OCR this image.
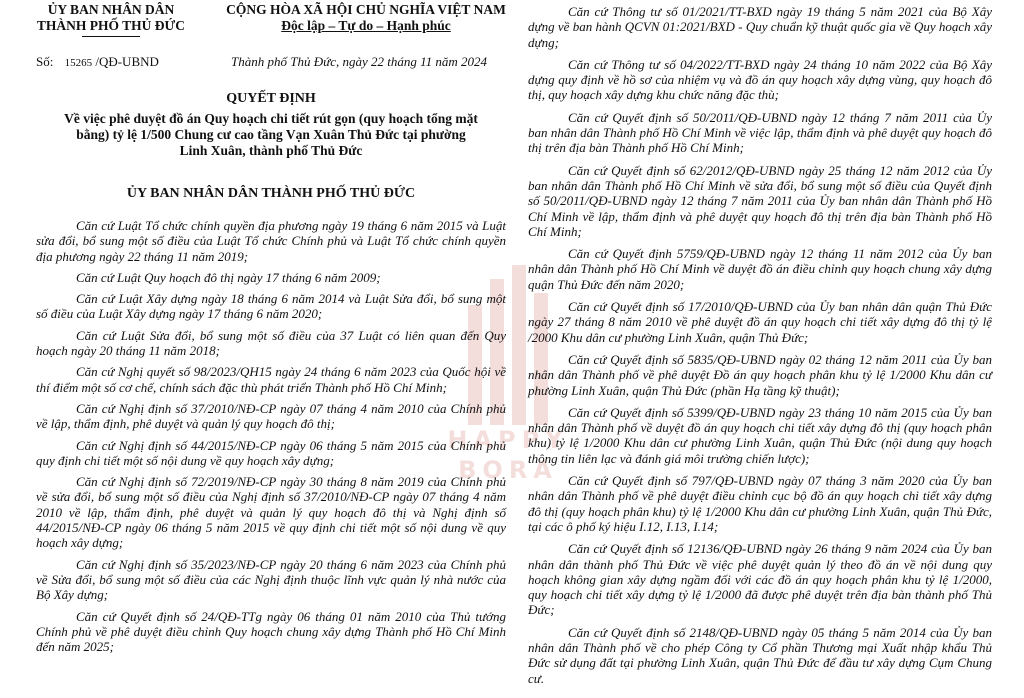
HAPPY BORA
ỦY BAN NHÂN DÂN
THÀNH PHỐ THỦ ĐỨC
CỘNG HÒA XÃ HỘI CHỦ NGHĨA VIỆT NAM
Độc lập – Tự do – Hạnh phúc
Số: 15265 /QĐ-UBND	Thành phố Thủ Đức, ngày 22 tháng 11 năm 2024
QUYẾT ĐỊNH
Về việc phê duyệt đồ án Quy hoạch chi tiết rút gọn (quy hoạch tổng mặt
bằng) tỷ lệ 1/500 Chung cư cao tầng Vạn Xuân Thủ Đức tại phường
Linh Xuân, thành phố Thủ Đức
ỦY BAN NHÂN DÂN THÀNH PHỐ THỦ ĐỨC

Căn cứ Luật Tổ chức chính quyền địa phương ngày 19 tháng 6 năm 2015 và Luật sửa đổi, bổ sung một số điều của Luật Tổ chức Chính phủ và Luật Tổ chức chính quyền địa phương ngày 22 tháng 11 năm 2019;

Căn cứ Luật Quy hoạch đô thị ngày 17 tháng 6 năm 2009;

Căn cứ Luật Xây dựng ngày 18 tháng 6 năm 2014 và Luật Sửa đổi, bổ sung một số điều của Luật Xây dựng ngày 17 tháng 6 năm 2020;

Căn cứ Luật Sửa đổi, bổ sung một số điều của 37 Luật có liên quan đến Quy hoạch ngày 20 tháng 11 năm 2018;

Căn cứ Nghị quyết số 98/2023/QH15 ngày 24 tháng 6 năm 2023 của Quốc hội về thí điểm một số cơ chế, chính sách đặc thù phát triển Thành phố Hồ Chí Minh;

Căn cứ Nghị định số 37/2010/NĐ-CP ngày 07 tháng 4 năm 2010 của Chính phủ về lập, thẩm định, phê duyệt và quản lý quy hoạch đô thị;

Căn cứ Nghị định số 44/2015/NĐ-CP ngày 06 tháng 5 năm 2015 của Chính phủ quy định chi tiết một số nội dung về quy hoạch xây dựng;

Căn cứ Nghị định số 72/2019/NĐ-CP ngày 30 tháng 8 năm 2019 của Chính phủ về sửa đổi, bổ sung một số điều của Nghị định số 37/2010/NĐ-CP ngày 07 tháng 4 năm 2010 về lập, thẩm định, phê duyệt và quản lý quy hoạch đô thị và Nghị định số 44/2015/NĐ-CP ngày 06 tháng 5 năm 2015 về quy định chi tiết một số nội dung về quy hoạch xây dựng;

Căn cứ Nghị định số 35/2023/NĐ-CP ngày 20 tháng 6 năm 2023 của Chính phủ về Sửa đổi, bổ sung một số điều của các Nghị định thuộc lĩnh vực quản lý nhà nước của Bộ Xây dựng;

Căn cứ Quyết định số 24/QĐ-TTg ngày 06 tháng 01 năm 2010 của Thủ tướng Chính phủ về phê duyệt điều chỉnh Quy hoạch chung xây dựng Thành phố Hồ Chí Minh đến năm 2025;

Căn cứ Thông tư số 01/2021/TT-BXD ngày 19 tháng 5 năm 2021 của Bộ Xây dựng về ban hành QCVN 01:2021/BXD - Quy chuẩn kỹ thuật quốc gia về Quy hoạch xây dựng;

Căn cứ Thông tư số 04/2022/TT-BXD ngày 24 tháng 10 năm 2022 của Bộ Xây dựng quy định về hồ sơ của nhiệm vụ và đồ án quy hoạch xây dựng vùng, quy hoạch đô thị, quy hoạch xây dựng khu chức năng đặc thù;

Căn cứ Quyết định số 50/2011/QĐ-UBND ngày 12 tháng 7 năm 2011 của Ủy ban nhân dân Thành phố Hồ Chí Minh về việc lập, thẩm định và phê duyệt quy hoạch đô thị trên địa bàn Thành phố Hồ Chí Minh;

Căn cứ Quyết định số 62/2012/QĐ-UBND ngày 25 tháng 12 năm 2012 của Ủy ban nhân dân Thành phố Hồ Chí Minh về sửa đổi, bổ sung một số điều của Quyết định số 50/2011/QĐ-UBND ngày 12 tháng 7 năm 2011 của Ủy ban nhân dân Thành phố Hồ Chí Minh về lập, thẩm định và phê duyệt quy hoạch đô thị trên địa bàn Thành phố Hồ Chí Minh;

Căn cứ Quyết định 5759/QĐ-UBND ngày 12 tháng 11 năm 2012 của Ủy ban nhân dân Thành phố Hồ Chí Minh về duyệt đồ án điều chỉnh quy hoạch chung xây dựng quận Thủ Đức đến năm 2020;

Căn cứ Quyết định số 17/2010/QĐ-UBND của Ủy ban nhân dân quận Thủ Đức ngày 27 tháng 8 năm 2010 về phê duyệt đồ án quy hoạch chi tiết xây dựng đô thị tỷ lệ /2000 Khu dân cư phường Linh Xuân, quận Thủ Đức;

Căn cứ Quyết định số 5835/QĐ-UBND ngày 02 tháng 12 năm 2011 của Ủy ban nhân dân Thành phố về phê duyệt Đồ án quy hoạch phân khu tỷ lệ 1/2000 Khu dân cư phường Linh Xuân, quận Thủ Đức (phần Hạ tầng kỹ thuật);

Căn cứ Quyết định số 5399/QĐ-UBND ngày 23 tháng 10 năm 2015 của Ủy ban nhân dân Thành phố về duyệt đồ án quy hoạch chi tiết xây dựng đô thị (quy hoạch phân khu) tỷ lệ 1/2000 Khu dân cư phường Linh Xuân, quận Thủ Đức (nội dung quy hoạch thông tin liên lạc và đánh giá môi trường chiến lược);

Căn cứ Quyết định số 797/QĐ-UBND ngày 07 tháng 3 năm 2020 của Ủy ban nhân dân Thành phố về phê duyệt điều chỉnh cục bộ đồ án quy hoạch chi tiết xây dựng đô thị (quy hoạch phân khu) tỷ lệ 1/2000 Khu dân cư phường Linh Xuân, quận Thủ Đức, tại các ô phố ký hiệu I.12, I.13, I.14;

Căn cứ Quyết định số 12136/QĐ-UBND ngày 26 tháng 9 năm 2024 của Ủy ban nhân dân thành phố Thủ Đức về việc phê duyệt quản lý theo đồ án về nội dung quy hoạch không gian xây dựng ngầm đối với các đồ án quy hoạch phân khu tỷ lệ 1/2000, quy hoạch chi tiết xây dựng tỷ lệ 1/2000 đã được phê duyệt trên địa bàn thành phố Thủ Đức;

Căn cứ Quyết định số 2148/QĐ-UBND ngày 05 tháng 5 năm 2014 của Ủy ban nhân dân Thành phố về cho phép Công ty Cổ phần Thương mại Xuất nhập khẩu Thủ Đức sử dụng đất tại phường Linh Xuân, quận Thủ Đức để đầu tư xây dựng Cụm Chung cư.
